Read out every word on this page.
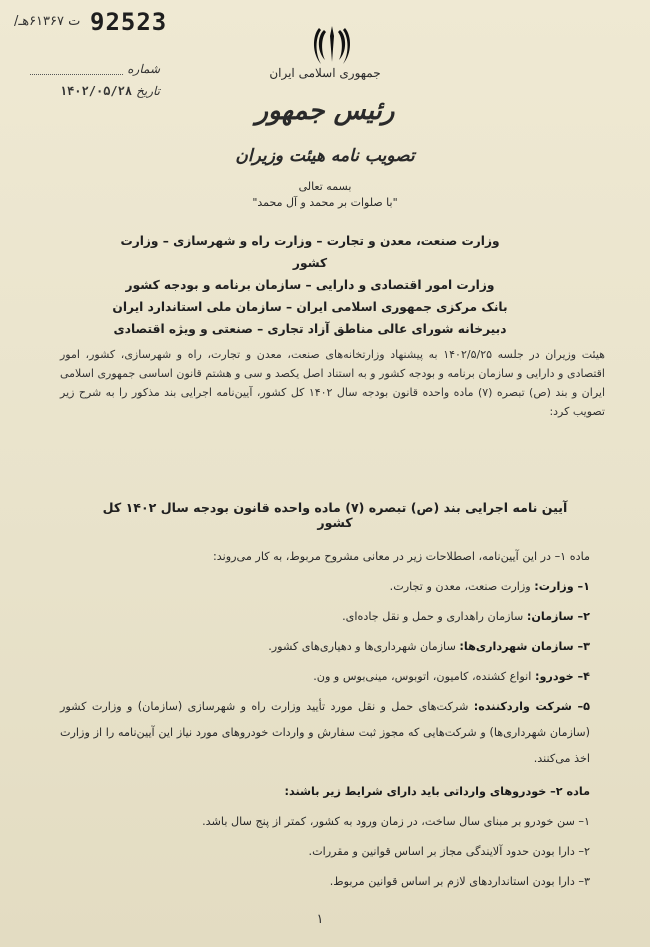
/ت ۶۱۳۶۷هـ 92523
شماره
تاریخ
۱۴۰۲/۰۵/۲۸
جمهوری اسلامی ایران
رئیس جمهور
تصویب نامه هیئت وزیران
بسمه تعالی
"با صلوات بر محمد و آل محمد"
وزارت صنعت، معدن و تجارت – وزارت راه و شهرسازی – وزارت کشور
وزارت امور اقتصادی و دارایی – سازمان برنامه و بودجه کشور
بانک مرکزی جمهوری اسلامی ایران – سازمان ملی استاندارد ایران
دبیرخانه شورای عالی مناطق آزاد تجاری – صنعتی و ویژه اقتصادی
هیئت وزیران در جلسه ۱۴۰۲/۵/۲۵ به پیشنهاد وزارتخانه‌های صنعت، معدن و تجارت، راه و شهرسازی، کشور، امور اقتصادی و دارایی و سازمان برنامه و بودجه کشور و به استناد اصل یکصد و سی و هشتم قانون اساسی جمهوری اسلامی ایران و بند (ص) تبصره (۷) ماده واحده قانون بودجه سال ۱۴۰۲ کل کشور، آیین‌نامه اجرایی بند مذکور را به شرح زیر تصویب کرد:
آیین نامه اجرایی بند (ص) تبصره (۷) ماده واحده قانون بودجه سال ۱۴۰۲ کل کشور
ماده ۱– در این آیین‌نامه، اصطلاحات زیر در معانی مشروح مربوط، به کار می‌روند:
۱– وزارت: وزارت صنعت، معدن و تجارت.
۲– سازمان: سازمان راهداری و حمل و نقل جاده‌ای.
۳– سازمان شهرداری‌ها: سازمان شهرداری‌ها و دهیاری‌های کشور.
۴– خودرو: انواع کشنده، کامیون، اتوبوس، مینی‌بوس و ون.
۵– شرکت واردکننده: شرکت‌های حمل و نقل مورد تأیید وزارت راه و شهرسازی (سازمان) و وزارت کشور (سازمان شهرداری‌ها) و شرکت‌هایی که مجوز ثبت سفارش و واردات خودروهای مورد نیاز این آیین‌نامه را از وزارت اخذ می‌کنند.
ماده ۲– خودروهای وارداتی باید دارای شرایط زیر باشند:
۱– سن خودرو بر مبنای سال ساخت، در زمان ورود به کشور، کمتر از پنج سال باشد.
۲– دارا بودن حدود آلایندگی مجاز بر اساس قوانین و مقررات.
۳– دارا بودن استانداردهای لازم بر اساس قوانین مربوط.
۱
